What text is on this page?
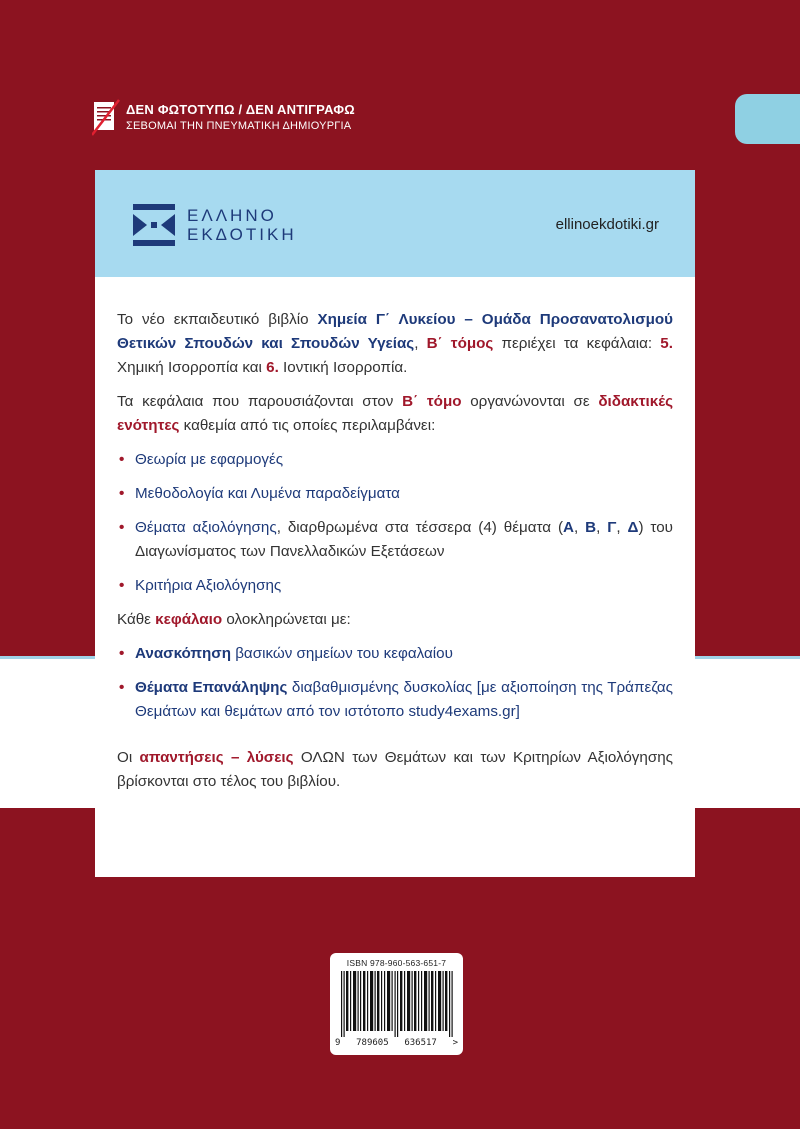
ΔΕΝ ΦΩΤΟΤΥΠΩ / ΔΕΝ ΑΝΤΙΓΡΑΦΩ
ΣΕΒΟΜΑΙ ΤΗΝ ΠΝΕΥΜΑΤΙΚΗ ΔΗΜΙΟΥΡΓΙΑ
ΕΛΛΗΝΟ
ΕΚΔΟΤΙΚΗ
ellinoekdotiki.gr

Το νέο εκπαιδευτικό βιβλίο Χημεία Γ΄ Λυκείου – Ομάδα Προσανατολισμού Θετικών Σπουδών και Σπουδών Υγείας, Β΄ τόμος περιέχει τα κεφάλαια: 5. Χημική Ισορροπία και 6. Ιοντική Ισορροπία.

Τα κεφάλαια που παρουσιάζονται στον Β΄ τόμο οργανώνονται σε διδακτικές ενότητες καθεμία από τις οποίες περιλαμβάνει:

• Θεωρία με εφαρμογές
• Μεθοδολογία και Λυμένα παραδείγματα
• Θέματα αξιολόγησης, διαρθρωμένα στα τέσσερα (4) θέματα (Α, Β, Γ, Δ) του Διαγωνίσματος των Πανελλαδικών Εξετάσεων
• Κριτήρια Αξιολόγησης

Κάθε κεφάλαιο ολοκληρώνεται με:

• Ανασκόπηση βασικών σημείων του κεφαλαίου
• Θέματα Επανάληψης διαβαθμισμένης δυσκολίας [με αξιοποίηση της Τράπεζας Θεμάτων και θεμάτων από τον ιστότοπο study4exams.gr]

Οι απαντήσεις – λύσεις ΟΛΩΝ των Θεμάτων και των Κριτηρίων Αξιολόγησης βρίσκονται στο τέλος του βιβλίου.

ISBN 978-960-563-651-7
9 789605 636517 >
